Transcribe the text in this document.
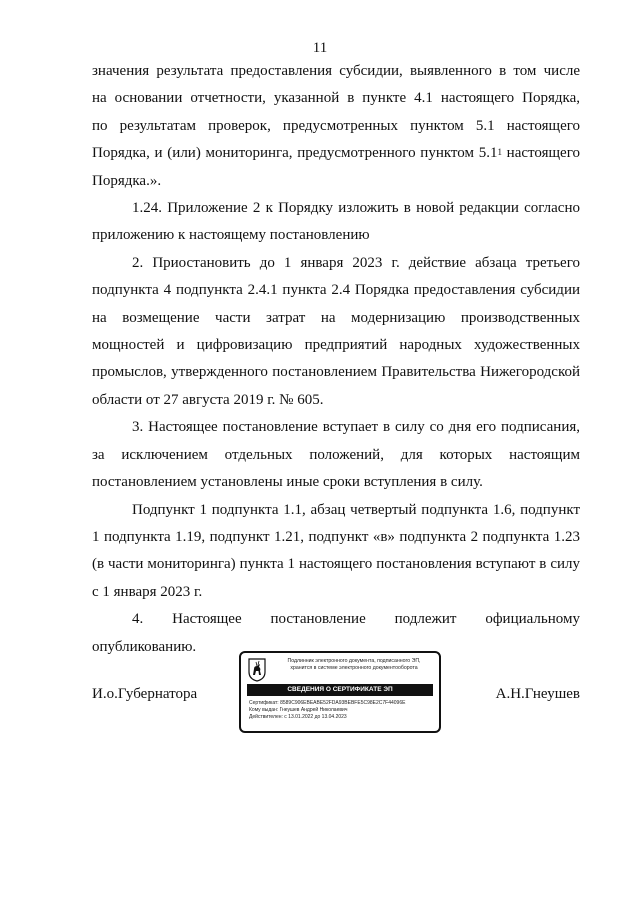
11

значения результата предоставления субсидии, выявленного в том числе

на основании отчетности, указанной в пункте 4.1 настоящего Порядка,

по результатам проверок, предусмотренных пунктом 5.1 настоящего

Порядка, и (или) мониторинга, предусмотренного пунктом $5.1^1$ настоящего

Порядка.».

1.24. Приложение 2 к Порядку изложить в новой редакции согласно приложению к настоящему постановлению

2. Приостановить до 1 января 2023 г. действие абзаца третьего подпункта 4 подпункта 2.4.1 пункта 2.4 Порядка предоставления субсидии на возмещение части затрат на модернизацию производственных мощностей и цифровизацию предприятий народных художественных промыслов, утвержденного постановлением Правительства Нижегородской области от 27 августа 2019 г. № 605.

3. Настоящее постановление вступает в силу со дня его подписания, за исключением отдельных положений, для которых настоящим постановлением установлены иные сроки вступления в силу.

Подпункт 1 подпункта 1.1, абзац четвертый подпункта 1.6, подпункт 1 подпункта 1.19, подпункт 1.21, подпункт «в» подпункта 2 подпункта 1.23 (в части мониторинга) пункта 1 настоящего постановления вступают в силу с 1 января 2023 г.

4. Настоящее постановление подлежит официальному опубликованию.

И.о.Губернатора	А.Н.Гнеушев
Подлинник электронного документа, подписанного ЭП,
хранится в системе электронного документооборота
СВЕДЕНИЯ О СЕРТИФИКАТЕ ЭП
Сертификат: 8589C906EBEABE52FDA93BEBFE5C98E2C7F44096E
Кому выдан: Гнеушев Андрей Николаевич
Действителен: с 13.01.2022 до 13.04.2023
